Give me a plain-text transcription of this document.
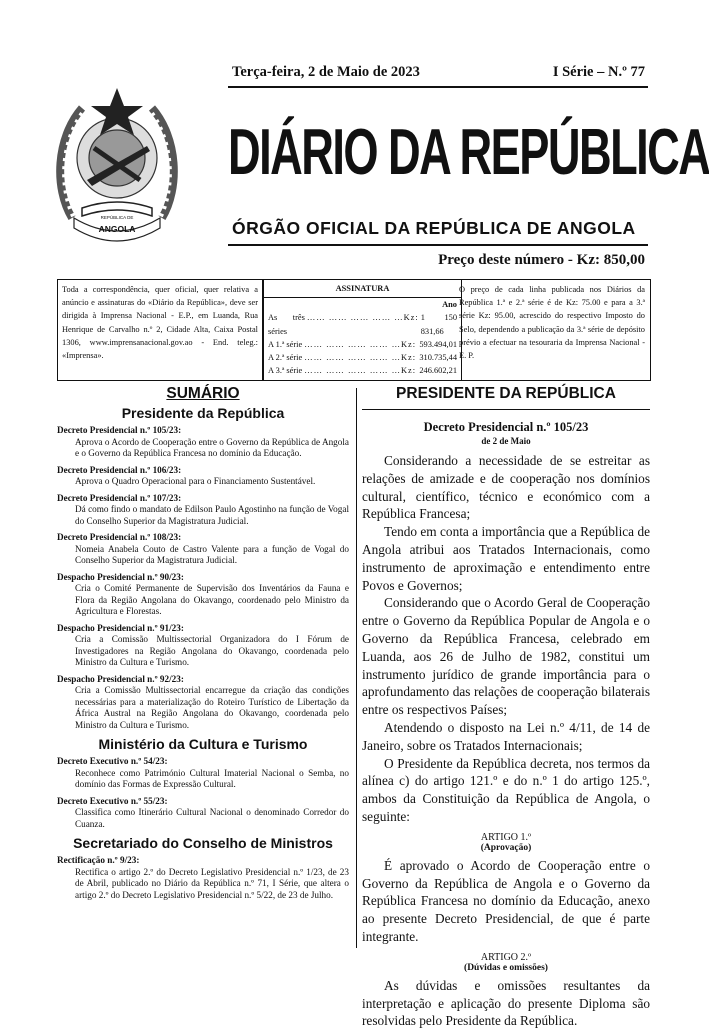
ANGOLA
REPÚBLICA DE
Terça-feira, 2 de Maio de 2023	I Série – N.º 77
DIÁRIO DA REPÚBLICA
ÓRGÃO OFICIAL DA REPÚBLICA DE ANGOLA
Preço deste número - Kz: 850,00
Toda a correspondência, quer oficial, quer relativa a anúncio e assinaturas do «Diário da República», deve ser dirigida à Imprensa Nacional - E.P., em Luanda, Rua Henrique de Carvalho n.º 2, Cidade Alta, Caixa Postal 1306, www.imprensanacional.gov.ao - End. teleg.: «Imprensa».
ASSINATURA
Ano
As três séries
…… …… …… …… …Kz: 1 150 831,66
A 1.ª série …… …… …… …… …Kz: 593.494,01
A 2.ª série …… …… …… …… …Kz: 310.735,44
A 3.ª série …… …… …… …… …Kz: 246.602,21
O preço de cada linha publicada nos Diários da República 1.ª e 2.ª série é de Kz: 75.00 e para a 3.ª série Kz: 95.00, acrescido do respectivo Imposto do Selo, dependendo a publicação da 3.ª série de depósito prévio a efectuar na tesouraria da Imprensa Nacional - E. P.
SUMÁRIO
Presidente da República
Decreto Presidencial n.º 105/23:
Aprova o Acordo de Cooperação entre o Governo da República de Angola e o Governo da República Francesa no domínio da Educação.
Decreto Presidencial n.º 106/23:
Aprova o Quadro Operacional para o Financiamento Sustentável.
Decreto Presidencial n.º 107/23:
Dá como findo o mandato de Edilson Paulo Agostinho na função de Vogal do Conselho Superior da Magistratura Judicial.
Decreto Presidencial n.º 108/23:
Nomeia Anabela Couto de Castro Valente para a função de Vogal do Conselho Superior da Magistratura Judicial.
Despacho Presidencial n.º 90/23:
Cria o Comité Permanente de Supervisão dos Inventários da Fauna e Flora da Região Angolana do Okavango, coordenado pelo Ministro da Agricultura e Florestas.
Despacho Presidencial n.º 91/23:
Cria a Comissão Multissectorial Organizadora do I Fórum de Investigadores na Região Angolana do Okavango, coordenada pelo Ministro da Cultura e Turismo.
Despacho Presidencial n.º 92/23:
Cria a Comissão Multissectorial encarregue da criação das condições necessárias para a materialização do Roteiro Turístico de Libertação da África Austral na Região Angolana do Okavango, coordenada pelo Ministro da Cultura e Turismo.
Ministério da Cultura e Turismo
Decreto Executivo n.º 54/23:
Reconhece como Património Cultural Imaterial Nacional o Semba, no domínio das Formas de Expressão Cultural.
Decreto Executivo n.º 55/23:
Classifica como Itinerário Cultural Nacional o denominado Corredor do Cuanza.
Secretariado do Conselho de Ministros
Rectificação n.º 9/23:
Rectifica o artigo 2.º do Decreto Legislativo Presidencial n.º 1/23, de 23 de Abril, publicado no Diário da República n.º 71, I Série, que altera o artigo 2.º do Decreto Legislativo Presidencial n.º 5/22, de 23 de Julho.
PRESIDENTE DA REPÚBLICA
Decreto Presidencial n.º 105/23
de 2 de Maio

Considerando a necessidade de se estreitar as relações de amizade e de cooperação nos domínios cultural, científico, técnico e económico com a República Francesa;

Tendo em conta a importância que a República de Angola atribui aos Tratados Internacionais, como instrumento de aproximação e entendimento entre Povos e Governos;

Considerando que o Acordo Geral de Cooperação entre o Governo da República Popular de Angola e o Governo da República Francesa, celebrado em Luanda, aos 26 de Julho de 1982, constitui um instrumento jurídico de grande importância para o aprofundamento das relações de cooperação bilaterais entre os respectivos Países;

Atendendo o disposto na Lei n.º 4/11, de 14 de Janeiro, sobre os Tratados Internacionais;

O Presidente da República decreta, nos termos da alínea c) do artigo 121.º e do n.º 1 do artigo 125.º, ambos da Constituição da República de Angola, o seguinte:

ARTIGO 1.º
(Aprovação)

É aprovado o Acordo de Cooperação entre o Governo da República de Angola e o Governo da República Francesa no domínio da Educação, anexo ao presente Decreto Presidencial, de que é parte integrante.

ARTIGO 2.º
(Dúvidas e omissões)

As dúvidas e omissões resultantes da interpretação e aplicação do presente Diploma são resolvidas pelo Presidente da República.
